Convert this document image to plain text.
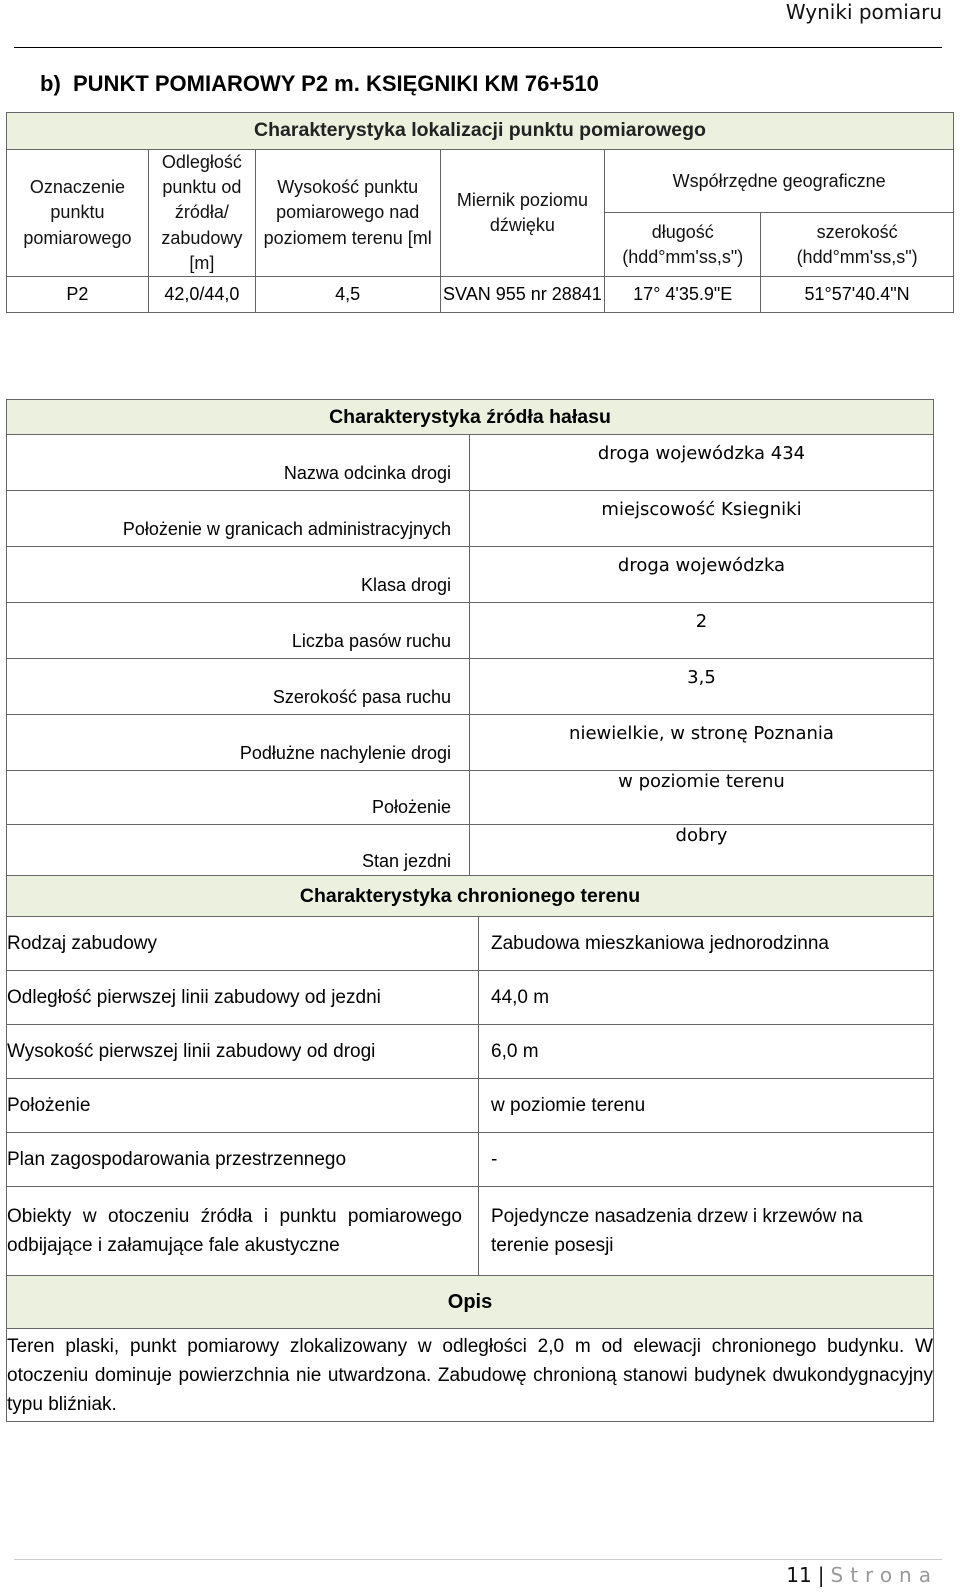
Wyniki pomiaru
b)  PUNKT POMIAROWY P2 m. KSIĘGNIKI KM 76+510
Charakterystyka lokalizacji punktu pomiarowego					
Oznaczenie punktu pomiarowego	Odległość punktu od źródła/ zabudowy [m]	Wysokość punktu pomiarowego nad poziomem terenu [ml	Miernik poziomu dźwięku	Współrzędne geograficzne	
				długość (hdd°mm'ss,s")	szerokość (hdd°mm'ss,s")
P2	42,0/44,0	4,5	SVAN 955 nr 28841	17° 4'35.9"E	51°57'40.4"N
Charakterystyka źródła hałasu	
Nazwa odcinka drogi	droga wojewódzka 434
Położenie w granicach administracyjnych	miejscowość Ksiegniki
Klasa drogi	droga wojewódzka
Liczba pasów ruchu	2
Szerokość pasa ruchu	3,5
Podłużne nachylenie drogi	niewielkie, w stronę Poznania
Położenie	w poziomie terenu
Stan jezdni	dobry
Charakterystyka chronionego terenu	
Rodzaj zabudowy	Zabudowa mieszkaniowa jednorodzinna
Odległość pierwszej linii zabudowy od jezdni	44,0 m
Wysokość pierwszej linii zabudowy od drogi	6,0 m
Położenie	w poziomie terenu
Plan zagospodarowania przestrzennego	-
Obiekty w otoczeniu źródła i punktu pomiarowego odbijające i załamujące fale akustyczne	Pojedyncze nasadzenia drzew i krzewów na terenie posesji
Opis	
Teren plaski, punkt pomiarowy zlokalizowany w odległości 2,0 m od elewacji chronionego budynku. W otoczeniu dominuje powierzchnia nie utwardzona. Zabudowę chronioną stanowi budynek dwukondygnacyjny typu bliźniak.	
11 | Strona
